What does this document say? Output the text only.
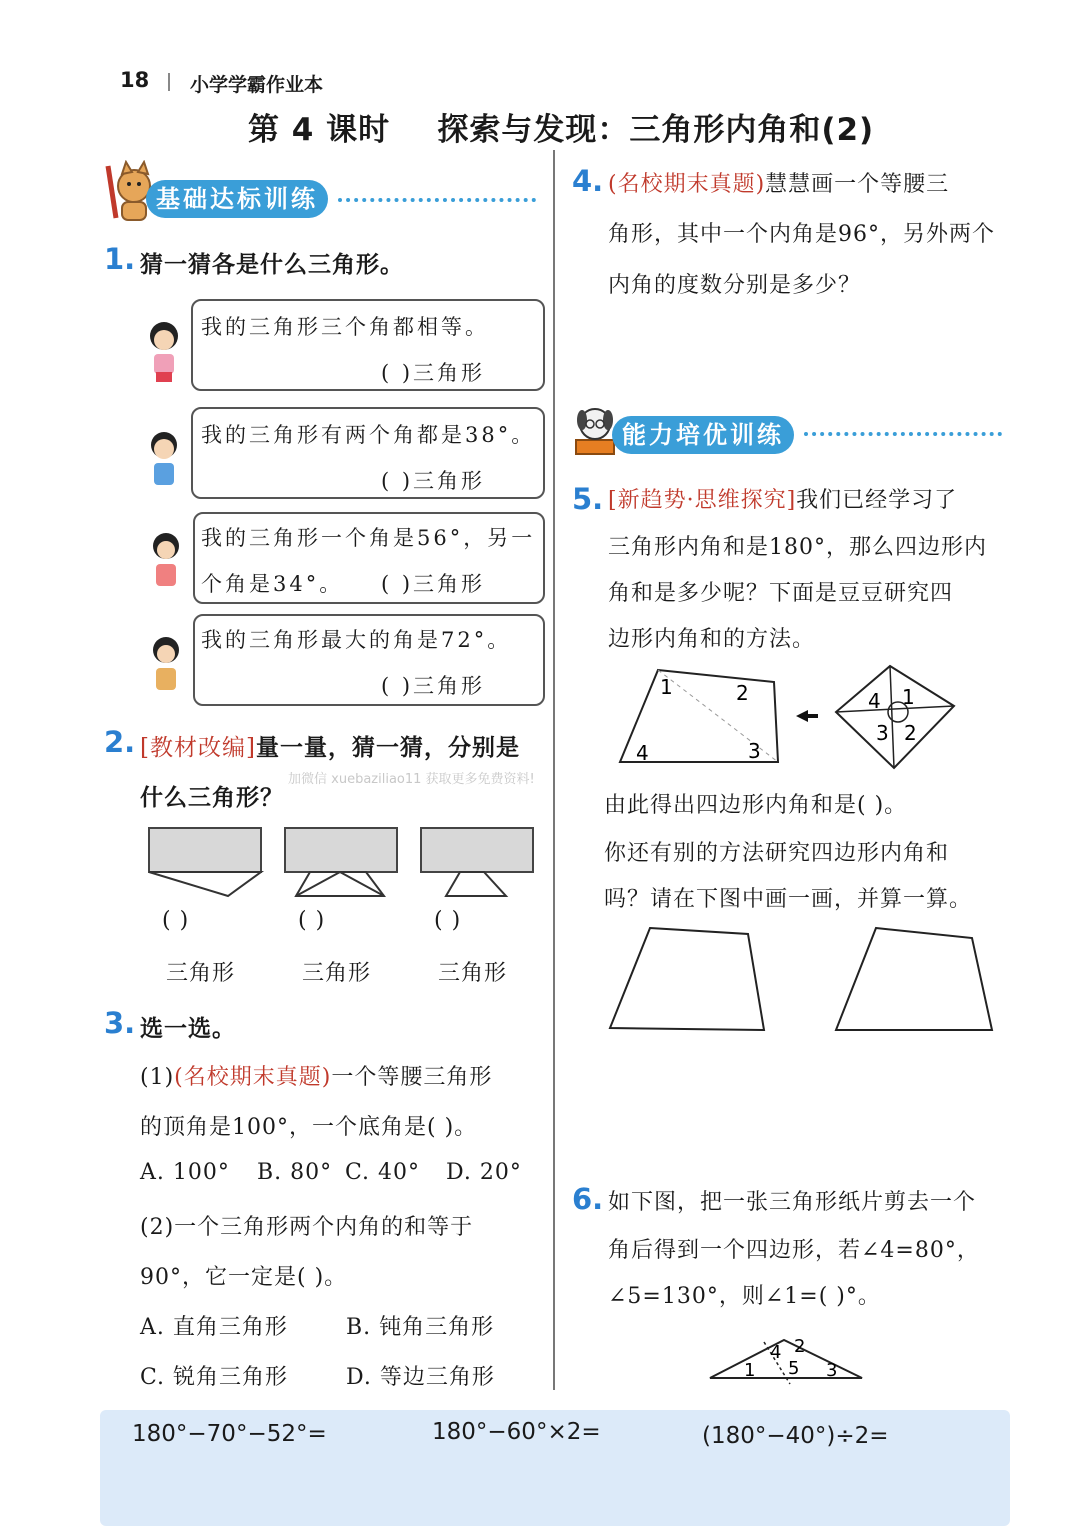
18 小学学霸作业本
第 4 课时    探索与发现：三角形内角和(2)
基础达标训练
1. 猜一猜各是什么三角形。
我的三角形三个角都相等。
( )三角形
我的三角形有两个角都是38°。
( )三角形
我的三角形一个角是56°，另一
个角是34°。 ( )三角形
我的三角形最大的角是72°。
( )三角形
2. [教材改编]量一量，猜一猜，分别是
什么三角形？
加微信 xuebaziliao11 获取更多免费资料!
( )	( )	( )
三角形	三角形	三角形
3. 选一选。
(1)(名校期末真题)一个等腰三角形
的顶角是100°，一个底角是( )。
A. 100° B. 80° C. 40° D. 20°
(2)一个三角形两个内角的和等于
90°，它一定是( )。
A. 直角三角形	B. 钝角三角形
C. 锐角三角形	D. 等边三角形
4. (名校期末真题)慧慧画一个等腰三
角形，其中一个内角是96°，另外两个
内角的度数分别是多少？
能力培优训练
5. [新趋势·思维探究]我们已经学习了
三角形内角和是180°，那么四边形内
角和是多少呢？下面是豆豆研究四
边形内角和的方法。
1	2
3
4
4 1
3 2
由此得出四边形内角和是( )。
你还有别的方法研究四边形内角和
吗？请在下图中画一画，并算一算。
6. 如下图，把一张三角形纸片剪去一个
角后得到一个四边形，若∠4=80°，
∠5=130°，则∠1=( )°。
1
2
3
4
5
180°−70°−52°=	180°−60°×2=	(180°−40°)÷2=
